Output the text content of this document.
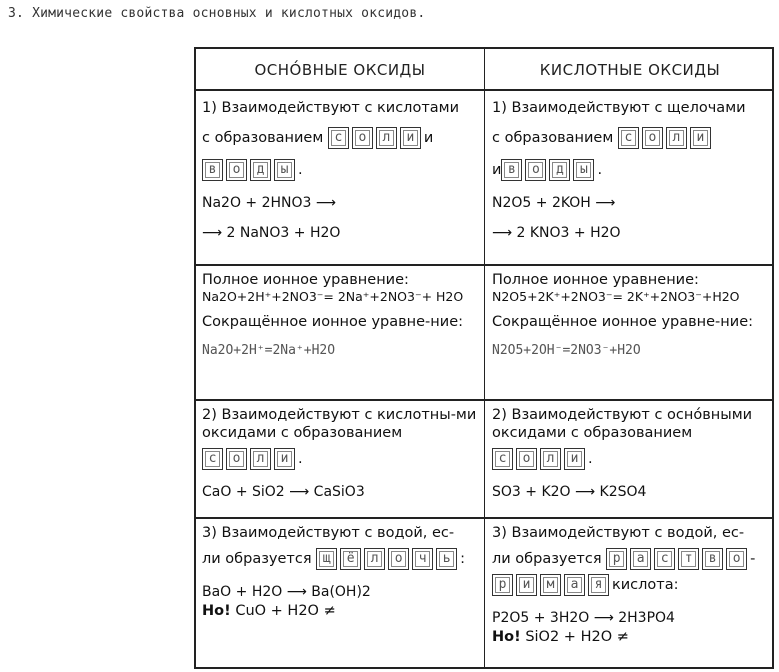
3. Химические свойства основных и кислотных оксидов.
ОСНО́ВНЫЕ ОКСИДЫ	КИСЛОТНЫЕ ОКСИДЫ
1) Взаимодействуют с кислотами
с образованием с о л и и
в о д ы .
Na2O + 2HNO3 ⟶
⟶ 2 NaNO3 + H2O
1) Взаимодействуют с щелочами
с образованием с о л и
и в о д ы .
N2O5 + 2KOH ⟶
⟶ 2 KNO3 + H2O
Полное ионное уравнение:
Na2O+2H⁺+2NO3⁻= 2Na⁺+2NO3⁻+ H2O
Сокращённое ионное уравне-ние:
Na2O+2H⁺=2Na⁺+H2O
Полное ионное уравнение:
N2O5+2K⁺+2NO3⁻= 2K⁺+2NO3⁻+H2O
Сокращённое ионное уравне-ние:
N2O5+2OH⁻=2NO3⁻+H2O
2) Взаимодействуют с кислотны-ми оксидами с образованием
с о л и .
CaO + SiO2 ⟶ CaSiO3
2) Взаимодействуют с осно́вными оксидами с образованием
с о л и .
SO3 + K2O ⟶ K2SO4
3) Взаимодействуют с водой, ес-
ли образуется щ ё л о ч ь :
BaO + H2O ⟶ Ba(OH)2
Но! CuO + H2O ≠
3) Взаимодействуют с водой, ес-
ли образуется р а с т в о -
р и м а я кислота:
P2O5 + 3H2O ⟶ 2H3PO4
Но! SiO2 + H2O ≠
